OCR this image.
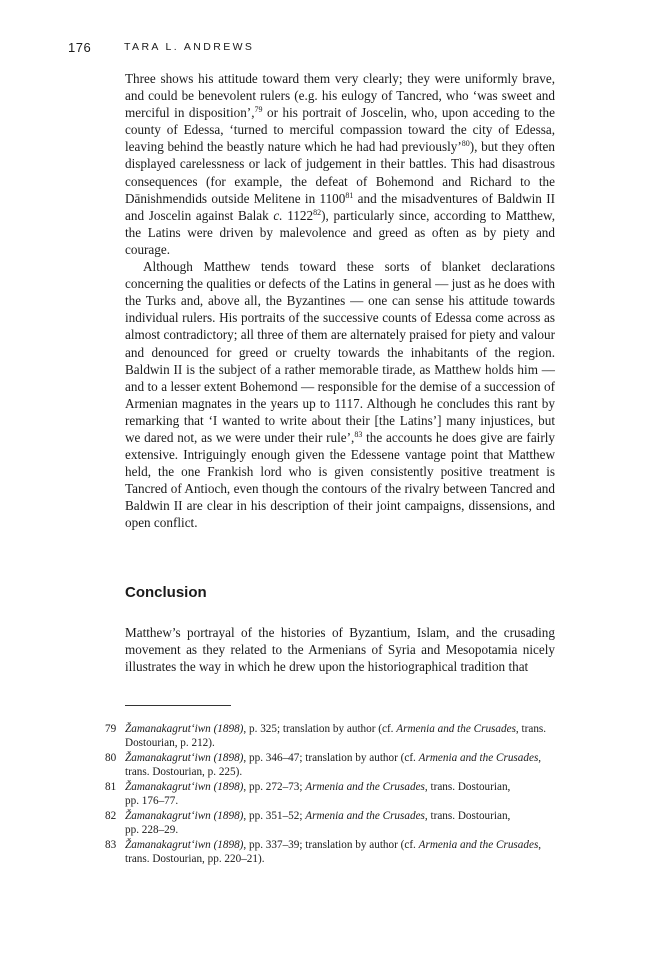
176	TARA L. ANDREWS

Three shows his attitude toward them very clearly; they were uniformly brave, and could be benevolent rulers (e.g. his eulogy of Tancred, who ‘was sweet and merciful in disposition’,$^{79}$ or his portrait of Joscelin, who, upon acceding to the county of Edessa, ‘turned to merciful compassion toward the city of Edessa, leaving behind the beastly nature which he had had previously’$^{80}$), but they often displayed carelessness or lack of judgement in their battles. This had disastrous consequences (for example, the defeat of Bohemond and Richard to the Dānishmendids outside Melitene in 1100$^{81}$ and the misadventures of Baldwin II and Joscelin against Balak c. 1122$^{82}$), particularly since, according to Matthew, the Latins were driven by malevolence and greed as often as by piety and courage.

Although Matthew tends toward these sorts of blanket declarations concerning the qualities or defects of the Latins in general — just as he does with the Turks and, above all, the Byzantines — one can sense his attitude towards individual rulers. His portraits of the successive counts of Edessa come across as almost contradictory; all three of them are alternately praised for piety and valour and denounced for greed or cruelty towards the inhabitants of the region. Baldwin II is the subject of a rather memorable tirade, as Matthew holds him — and to a lesser extent Bohemond — responsible for the demise of a succession of Armenian magnates in the years up to 1117. Although he concludes this rant by remarking that ‘I wanted to write about their [the Latins’] many injustices, but we dared not, as we were under their rule’,$^{83}$ the accounts he does give are fairly extensive. Intriguingly enough given the Edessene vantage point that Matthew held, the one Frankish lord who is given consistently positive treatment is Tancred of Antioch, even though the contours of the rivalry between Tancred and Baldwin II are clear in his description of their joint campaigns, dissensions, and open conflict.

Conclusion

Matthew’s portrayal of the histories of Byzantium, Islam, and the crusading movement as they related to the Armenians of Syria and Mesopotamia nicely illustrates the way in which he drew upon the historiographical tradition that

79 Žamanakagrut‘iwn (1898), p. 325; translation by author (cf. Armenia and the Crusades, trans.
Dostourian, p. 212).
80 Žamanakagrut‘iwn (1898), pp. 346–47; translation by author (cf. Armenia and the Crusades,
trans. Dostourian, p. 225).
81 Žamanakagrut‘iwn (1898), pp. 272–73; Armenia and the Crusades, trans. Dostourian,
pp. 176–77.
82 Žamanakagrut‘iwn (1898), pp. 351–52; Armenia and the Crusades, trans. Dostourian,
pp. 228–29.
83 Žamanakagrut‘iwn (1898), pp. 337–39; translation by author (cf. Armenia and the Crusades,
trans. Dostourian, pp. 220–21).
